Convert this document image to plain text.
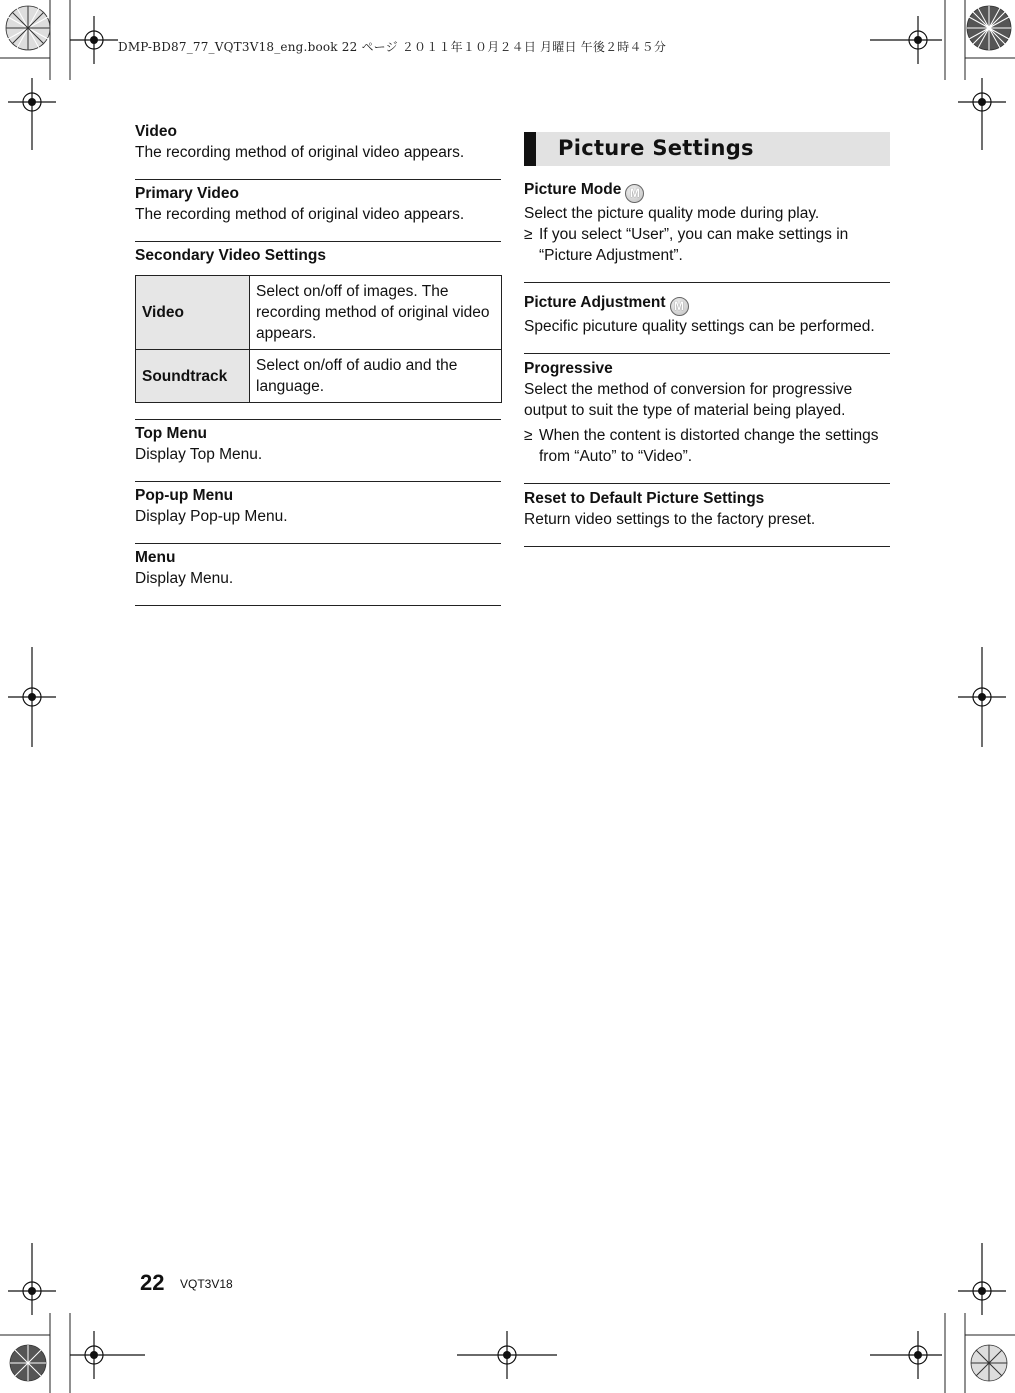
DMP-BD87_77_VQT3V18_eng.book 22 ページ ２０１１年１０月２４日 月曜日 午後２時４５分

Video

The recording method of original video appears.

Primary Video

The recording method of original video appears.

Secondary Video Settings

Video	Select on/off of images. The recording method of original video appears.
Soundtrack	Select on/off of audio and the language.

Top Menu

Display Top Menu.

Pop-up Menu

Display Pop-up Menu.

Menu

Display Menu.

Picture Settings

Picture Mode M

Select the picture quality mode during play.

≥ If you select “User”, you can make settings in “Picture Adjustment”.

Picture Adjustment M

Specific picuture quality settings can be performed.

Progressive

Select the method of conversion for progressive output to suit the type of material being played.

≥ When the content is distorted change the settings from “Auto” to “Video”.

Reset to Default Picture Settings

Return video settings to the factory preset.

22 VQT3V18
